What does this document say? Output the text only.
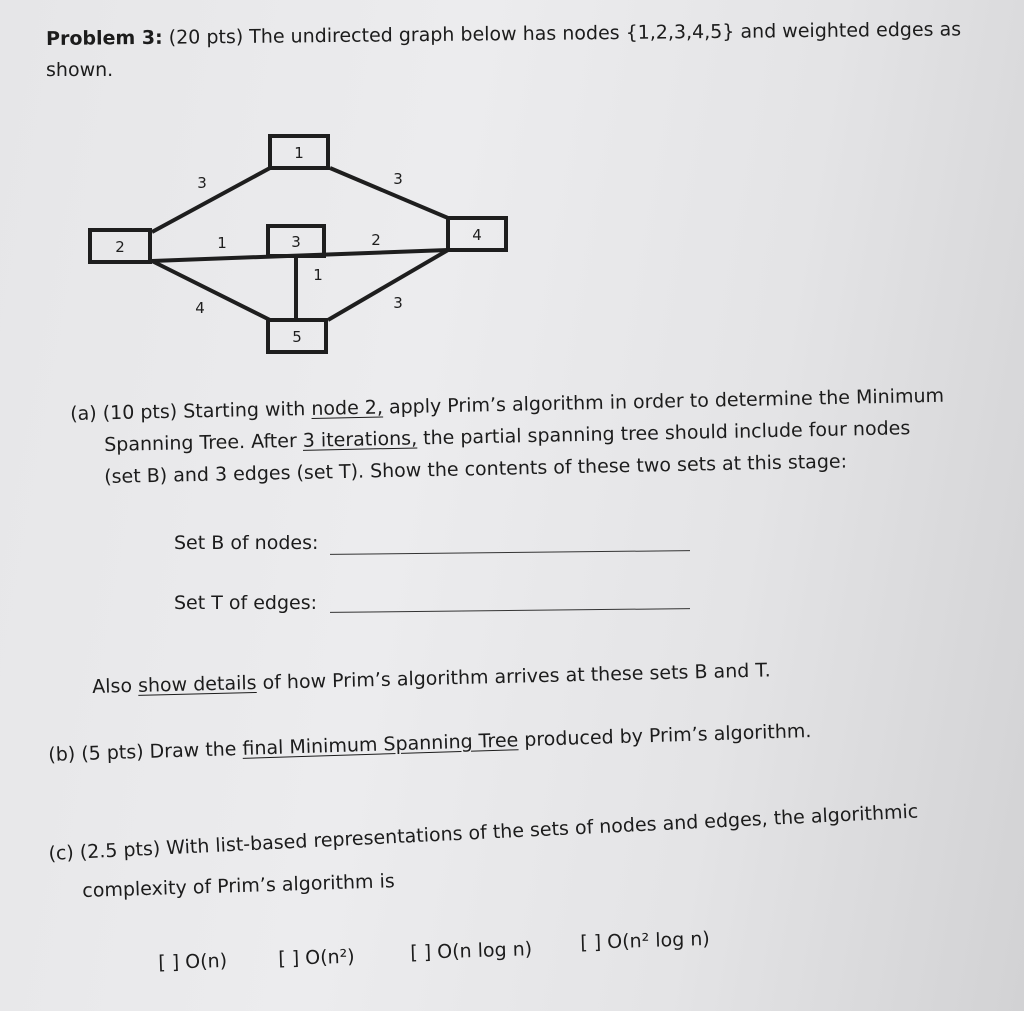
Problem 3: (20 pts) The undirected graph below has nodes {1,2,3,4,5} and weighted edges as
shown.
1
2	3	4
5
3	3
1	2
1
4	3
(a) (10 pts) Starting with node 2, apply Prim’s algorithm in order to determine the Minimum
Spanning Tree. After 3 iterations, the partial spanning tree should include four nodes
(set B) and 3 edges (set T). Show the contents of these two sets at this stage:
Set B of nodes:
Set T of edges:
Also show details of how Prim’s algorithm arrives at these sets B and T.
(b) (5 pts) Draw the final Minimum Spanning Tree produced by Prim’s algorithm.
(c) (2.5 pts) With list-based representations of the sets of nodes and edges, the algorithmic
complexity of Prim’s algorithm is
[ ] O(n)	[ ] O(n²)	[ ] O(n log n)	[ ] O(n² log n)
